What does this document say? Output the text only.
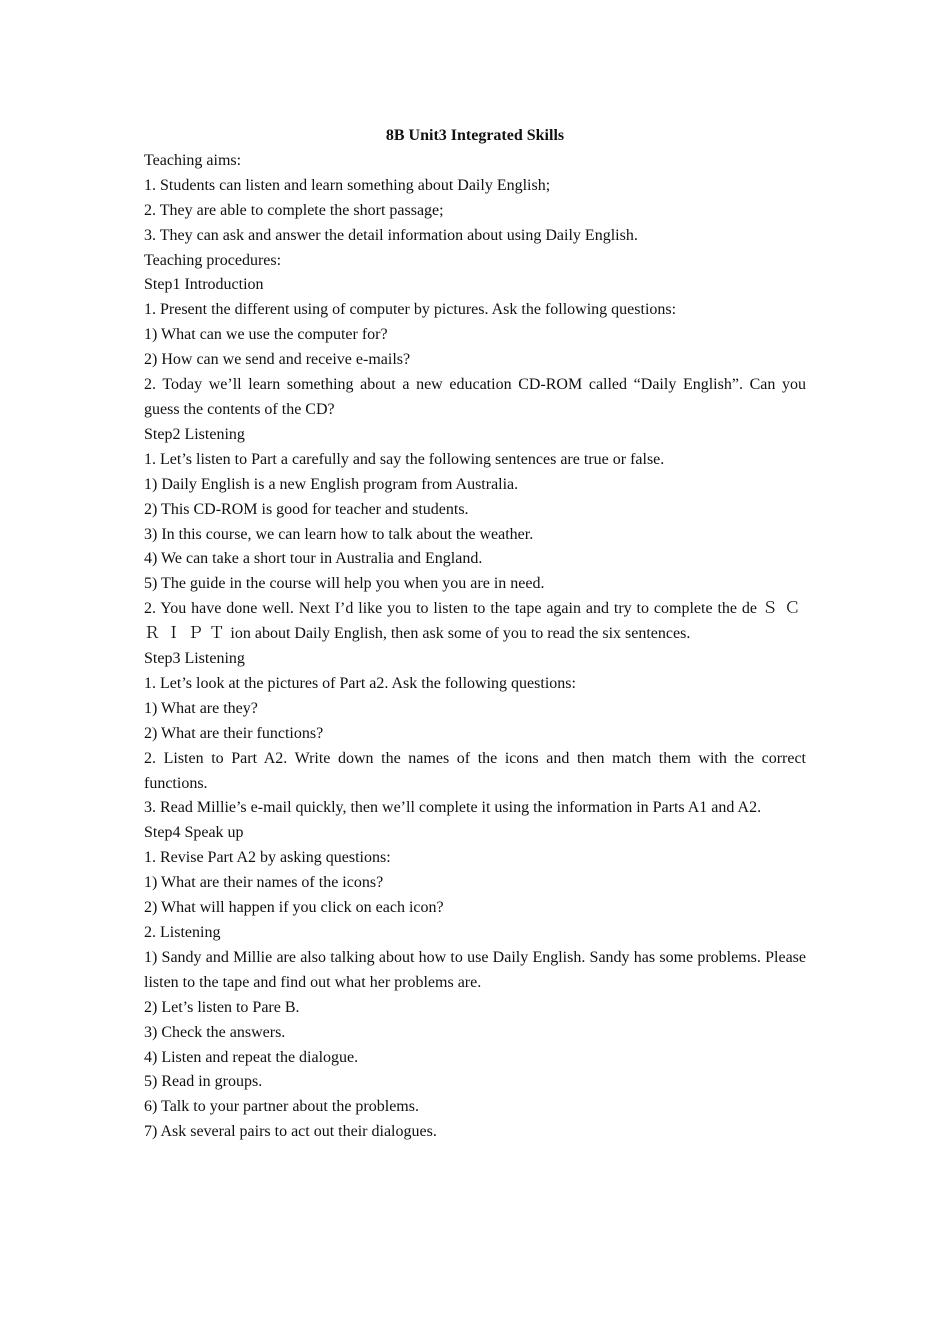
8B Unit3 Integrated Skills

Teaching aims:

1. Students can listen and learn something about Daily English;

2. They are able to complete the short passage;

3. They can ask and answer the detail information about using Daily English.

Teaching procedures:

Step1 Introduction

1. Present the different using of computer by pictures. Ask the following questions:

1) What can we use the computer for?

2) How can we send and receive e-mails?

2. Today we’ll learn something about a new education CD-ROM called “Daily English”. Can you guess the contents of the CD?

Step2 Listening

1. Let’s listen to Part a carefully and say the following sentences are true or false.

1) Daily English is a new English program from Australia.

2) This CD-ROM is good for teacher and students.

3) In this course, we can learn how to talk about the weather.

4) We can take a short tour in Australia and England.

5) The guide in the course will help you when you are in need.

2. You have done well. Next I’d like you to listen to the tape again and try to complete the de ＳＣＲＩＰＴion about Daily English, then ask some of you to read the six sentences.

Step3 Listening

1. Let’s look at the pictures of Part a2. Ask the following questions:

1) What are they?

2) What are their functions?

2. Listen to Part A2. Write down the names of the icons and then match them with the correct functions.

3. Read Millie’s e-mail quickly, then we’ll complete it using the information in Parts A1 and A2.

Step4 Speak up

1. Revise Part A2 by asking questions:

1) What are their names of the icons?

2) What will happen if you click on each icon?

2. Listening

1) Sandy and Millie are also talking about how to use Daily English. Sandy has some problems. Please listen to the tape and find out what her problems are.

2) Let’s listen to Pare B.

3) Check the answers.

4) Listen and repeat the dialogue.

5) Read in groups.

6) Talk to your partner about the problems.

7) Ask several pairs to act out their dialogues.
